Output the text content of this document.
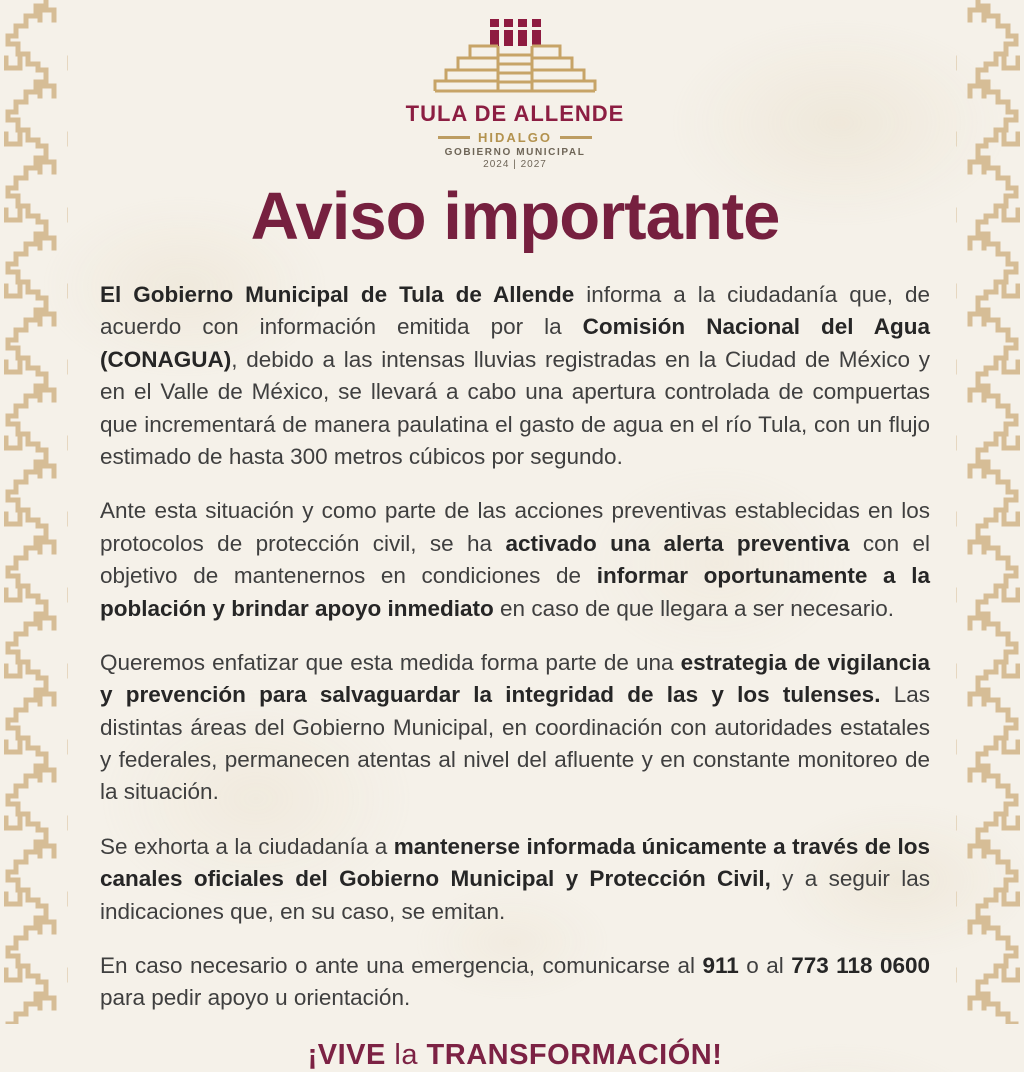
TULA DE ALLENDE
HIDALGO
GOBIERNO MUNICIPAL
2024 | 2027
Aviso importante

El Gobierno Municipal de Tula de Allende informa a la ciudadanía que, de acuerdo con información emitida por la Comisión Nacional del Agua (CONAGUA), debido a las intensas lluvias registradas en la Ciudad de México y en el Valle de México, se llevará a cabo una apertura controlada de compuertas que incrementará de manera paulatina el gasto de agua en el río Tula, con un flujo estimado de hasta 300 metros cúbicos por segundo.

Ante esta situación y como parte de las acciones preventivas establecidas en los protocolos de protección civil, se ha activado una alerta preventiva con el objetivo de mantenernos en condiciones de informar oportunamente a la población y brindar apoyo inmediato en caso de que llegara a ser necesario.

Queremos enfatizar que esta medida forma parte de una estrategia de vigilancia y prevención para salvaguardar la integridad de las y los tulenses. Las distintas áreas del Gobierno Municipal, en coordinación con autoridades estatales y federales, permanecen atentas al nivel del afluente y en constante monitoreo de la situación.

Se exhorta a la ciudadanía a mantenerse informada únicamente a través de los canales oficiales del Gobierno Municipal y Protección Civil, y a seguir las indicaciones que, en su caso, se emitan.

En caso necesario o ante una emergencia, comunicarse al 911 o al 773 118 0600 para pedir apoyo u orientación.

¡VIVE la TRANSFORMACIÓN!
